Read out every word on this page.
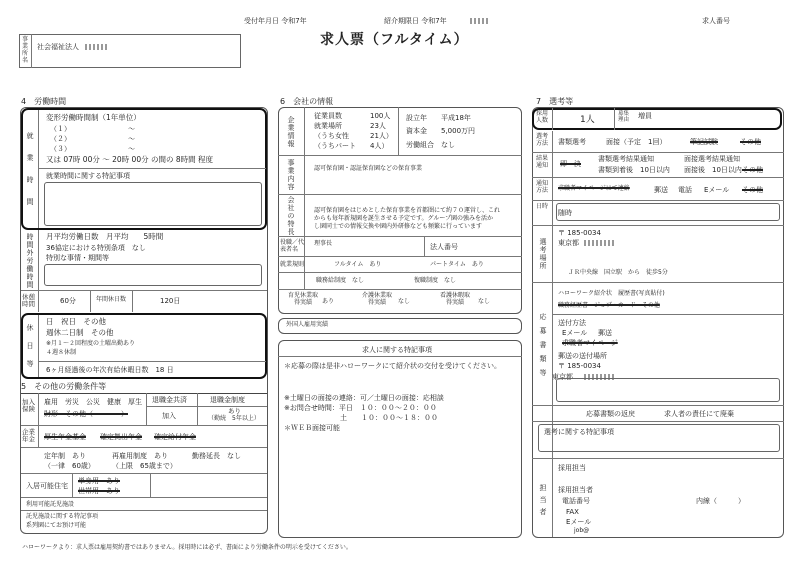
受付年月日 令和7年	紹介期限日 令和7年	求人番号
求人票（フルタイム）
事
業
所
名
社会福祉法人
4　労働時間
就
業
時
間
変形労働時間制（1年単位）
（１）	～
（２）	～
（３）	～
又は 07時 00分 ～ 20時 00分 の間の 8時間 程度
就業時間に関する特記事項
時
間
外
労
働
時
間
月平均労働日数　月平均　　5時間
36協定における特別条項　なし
特別な事情・期間等
休憩時間	60分	年間休日数	120日
休
日
等
日　祝日　その他
週休二日制　その他
※月１～２回程度の土曜出勤あり
４週８休制
6ヶ月経過後の年次有給休暇日数　18 日
5　その他の労働条件等
加入保険
雇用　労災　公災　健康　厚生
財形　その他（　　　　）
退職金共済
加入
退職金制度
あり
（勤続　5年以上）
企業年金	厚生年金基金 確定拠出年金 確定給付年金
定年制　あり
（一律　60歳）
再雇用制度　あり
（上限　65歳まで）
勤務延長　なし
入居可能住宅
単身用　あり
世帯用　あり
利用可能託児施設
託児施設に関する特記事項
系列園にてお預け可能
6　会社の情報
企
業
情
報
従業員数　　　　100人
就業場所　　　　23人
（うち女性　　　21人）
（うちパート　　4人）
設立年　　平成18年
資本金　　5,000万円
労働組合　なし
事
業
内
容
認可保育園・認証保育園などの保育事業
会
社
の
特
長
認可保育園をはじめとした保育事業を首都圏にて約７０運営し、これ
からも毎年新規園を誕生させる予定です。グループ園の強みを活か
し園同士での情報交換や園内外研修なども頻繁に行っています
役職／代表者名
理事長	法人番号
就業規則	フルタイム　あり	パートタイム　あり
職務給制度　なし	復職制度　なし
育児休業取得実績	あり
介護休業取得実績	なし
看護休暇取得実績	なし
外国人雇用実績
求人に関する特記事項
＊応募の際は是非ハローワークにて紹介状の交付を受けてください。
※土曜日の面接の連絡：可／土曜日の面接：応相談
※お問合せ時間：平日　１０：００～２０：００
　　　　　　　　土　　１０：００～１８：００
＊ＷＥＢ面接可能
7　選考等
採用人数	1人
募集理由
増員
選考方法 書類選考	面接（予定　1回）	筆記試験	その他
結果通知 即　決
書類選考結果通知	面接選考結果通知
書類到着後　10日以内 面接後　10日以内 その他
通知方法	求職者マイページにて連絡	郵送 電話 Eメール その他
日時
随時
選
考
場
所
〒 185-0034
東京都
ＪＲ中央線　国立駅　から　徒歩5分
応
募
書
類
等
ハローワーク紹介状　履歴書(写真貼付)
職務経歴書　ジョブ・カード　その他
送付方法
Eメール 郵送
求職者マイページ
郵送の送付場所
〒 185-0034
東京都
応募書類の返戻	求人者の責任にて廃棄
選考に関する特記事項
担
当
者
採用担当
採用担当者
電話番号	内線（　　　）
FAX
Eメール
job@
ハローワークより：求人票は雇用契約書ではありません。採用時には必ず、書面により労働条件の明示を受けてください。
